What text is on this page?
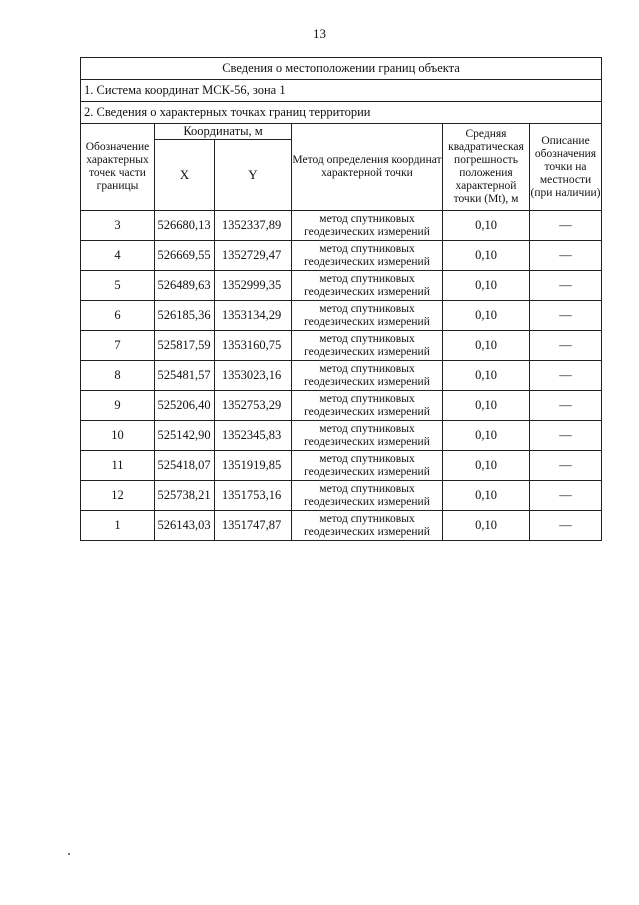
13
Сведения о местоположении границ объекта					
1. Система координат МСК-56, зона 1					
2. Сведения о характерных точках границ территории					
Обозначение характерных точек части границы	Координаты, м		Метод определения координат характерной точки	Средняя квадратическая погрешность положения характерной точки (Mt), м	Описание обозначения точки на местности (при наличии)
	X	Y			
3	526680,13	1352337,89	метод спутниковых геодезических измерений	0,10	—
4	526669,55	1352729,47	метод спутниковых геодезических измерений	0,10	—
5	526489,63	1352999,35	метод спутниковых геодезических измерений	0,10	—
6	526185,36	1353134,29	метод спутниковых геодезических измерений	0,10	—
7	525817,59	1353160,75	метод спутниковых геодезических измерений	0,10	—
8	525481,57	1353023,16	метод спутниковых геодезических измерений	0,10	—
9	525206,40	1352753,29	метод спутниковых геодезических измерений	0,10	—
10	525142,90	1352345,83	метод спутниковых геодезических измерений	0,10	—
11	525418,07	1351919,85	метод спутниковых геодезических измерений	0,10	—
12	525738,21	1351753,16	метод спутниковых геодезических измерений	0,10	—
1	526143,03	1351747,87	метод спутниковых геодезических измерений	0,10	—
